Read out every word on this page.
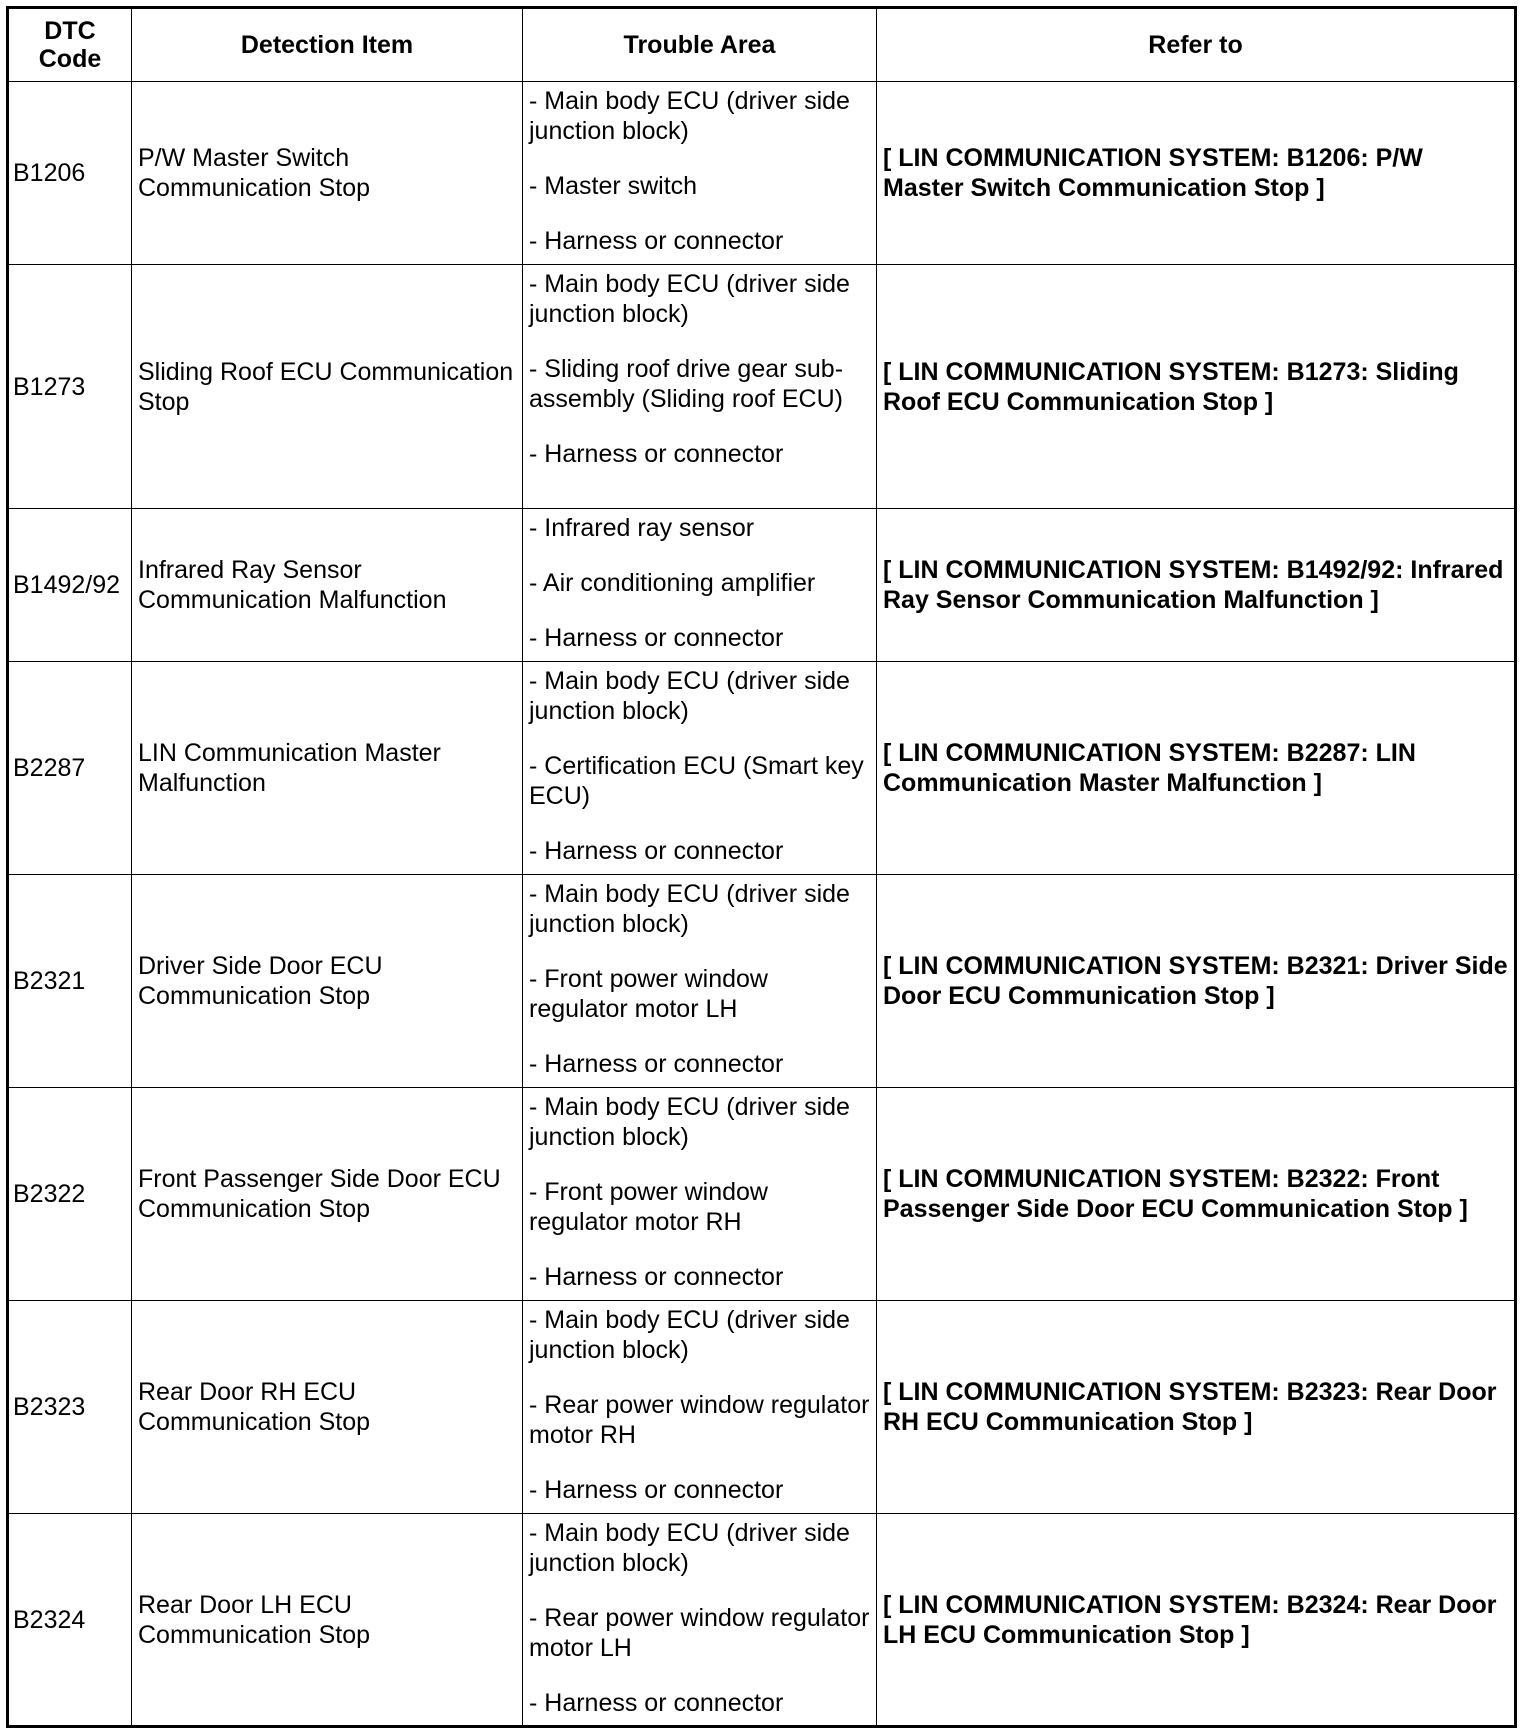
DTC
Code	Detection Item	Trouble Area	Refer to
B1206	P/W Master Switch Communication Stop	- Main body ECU (driver side junction block)

- Master switch

- Harness or connector	[ LIN COMMUNICATION SYSTEM: B1206: P/W Master Switch Communication Stop ]
B1273	Sliding Roof ECU Communication Stop	- Main body ECU (driver side junction block)

- Sliding roof drive gear sub-assembly (Sliding roof ECU)

- Harness or connector	[ LIN COMMUNICATION SYSTEM: B1273: Sliding Roof ECU Communication Stop ]
B1492/92	Infrared Ray Sensor Communication Malfunction	- Infrared ray sensor

- Air conditioning amplifier

- Harness or connector	[ LIN COMMUNICATION SYSTEM: B1492/92: Infrared Ray Sensor Communication Malfunction ]
B2287	LIN Communication Master Malfunction	- Main body ECU (driver side junction block)

- Certification ECU (Smart key ECU)

- Harness or connector	[ LIN COMMUNICATION SYSTEM: B2287: LIN Communication Master Malfunction ]
B2321	Driver Side Door ECU Communication Stop	- Main body ECU (driver side junction block)

- Front power window regulator motor LH

- Harness or connector	[ LIN COMMUNICATION SYSTEM: B2321: Driver Side Door ECU Communication Stop ]
B2322	Front Passenger Side Door ECU Communication Stop	- Main body ECU (driver side junction block)

- Front power window regulator motor RH

- Harness or connector	[ LIN COMMUNICATION SYSTEM: B2322: Front Passenger Side Door ECU Communication Stop ]
B2323	Rear Door RH ECU Communication Stop	- Main body ECU (driver side junction block)

- Rear power window regulator motor RH

- Harness or connector	[ LIN COMMUNICATION SYSTEM: B2323: Rear Door RH ECU Communication Stop ]
B2324	Rear Door LH ECU Communication Stop	- Main body ECU (driver side junction block)

- Rear power window regulator motor LH

- Harness or connector	[ LIN COMMUNICATION SYSTEM: B2324: Rear Door LH ECU Communication Stop ]
